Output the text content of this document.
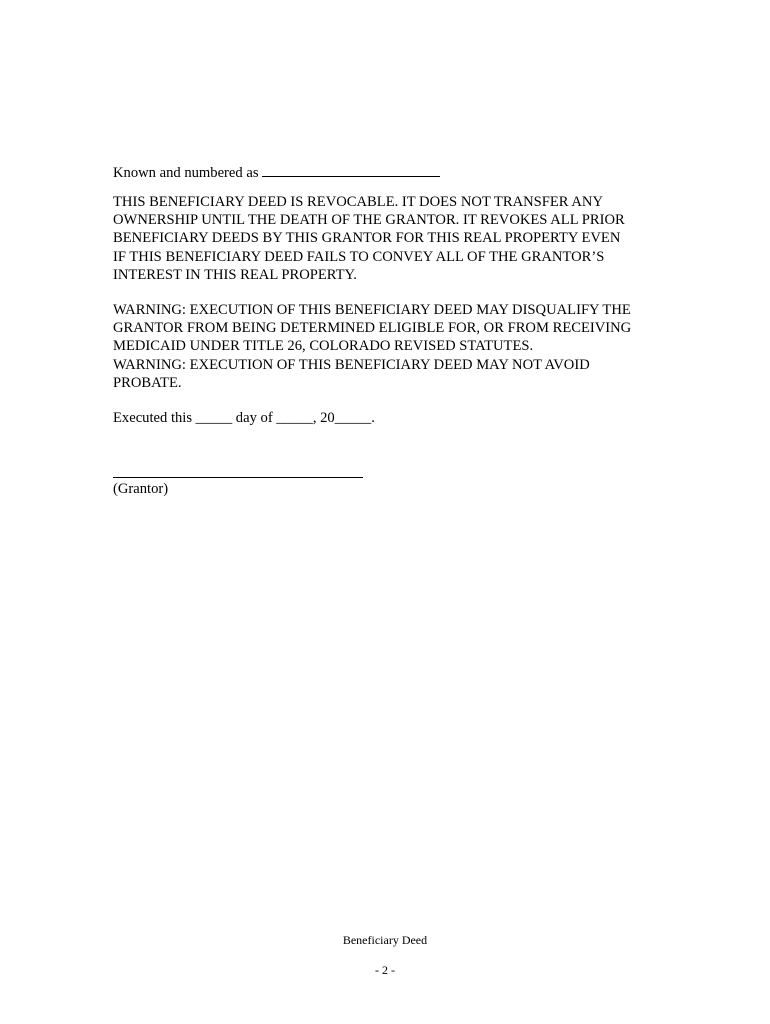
Known and numbered as
THIS BENEFICIARY DEED IS REVOCABLE. IT DOES NOT TRANSFER ANY
OWNERSHIP UNTIL THE DEATH OF THE GRANTOR. IT REVOKES ALL PRIOR
BENEFICIARY DEEDS BY THIS GRANTOR FOR THIS REAL PROPERTY EVEN
IF THIS BENEFICIARY DEED FAILS TO CONVEY ALL OF THE GRANTOR’S
INTEREST IN THIS REAL PROPERTY.
WARNING: EXECUTION OF THIS BENEFICIARY DEED MAY DISQUALIFY THE
GRANTOR FROM BEING DETERMINED ELIGIBLE FOR, OR FROM RECEIVING
MEDICAID UNDER TITLE 26, COLORADO REVISED STATUTES.
WARNING: EXECUTION OF THIS BENEFICIARY DEED MAY NOT AVOID
PROBATE.
Executed this _____ day of _____, 20_____.
(Grantor)
Beneficiary Deed
- 2 -
